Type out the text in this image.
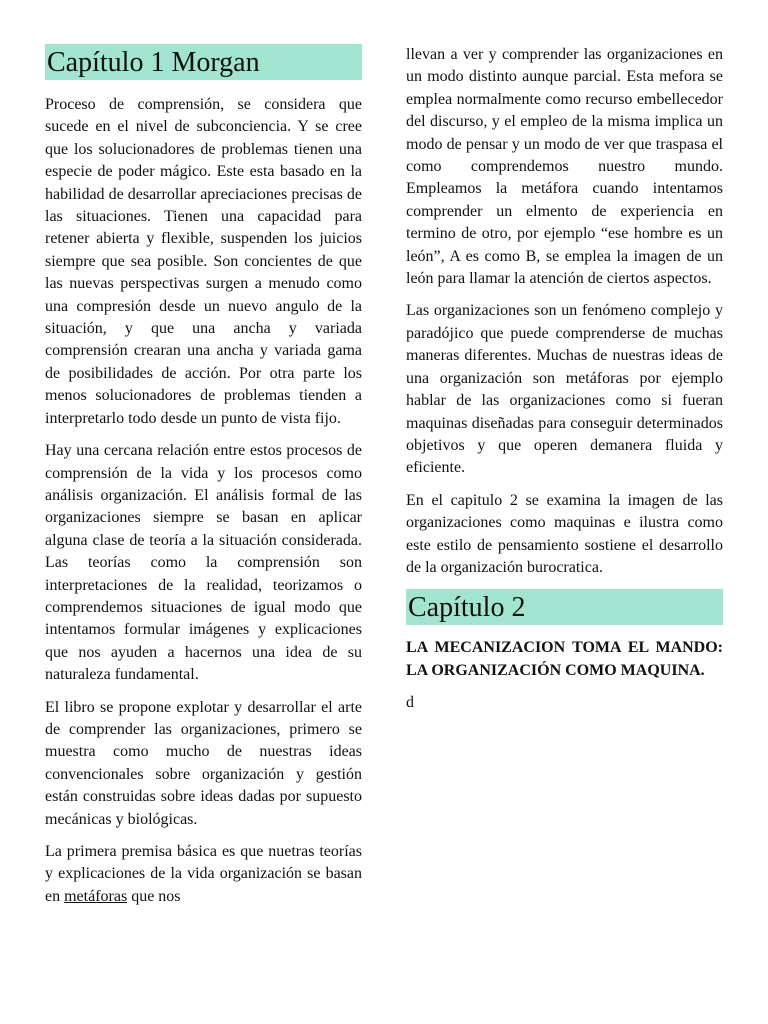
Capítulo 1 Morgan

Proceso de comprensión, se considera que sucede en el nivel de subconciencia. Y se cree que los solucionadores de problemas tienen una especie de poder mágico. Este esta basado en la habilidad de desarrollar apreciaciones precisas de las situaciones. Tienen una capacidad para retener abierta y flexible, suspenden los juicios siempre que sea posible. Son concientes de que las nuevas perspectivas surgen a menudo como una compresión desde un nuevo angulo de la situación, y que una ancha y variada comprensión crearan una ancha y variada gama de posibilidades de acción. Por otra parte los menos solucionadores de problemas tienden a interpretarlo todo desde un punto de vista fijo.

Hay una cercana relación entre estos procesos de comprensión de la vida y los procesos como análisis organización. El análisis formal de las organizaciones siempre se basan en aplicar alguna clase de teoría a la situación considerada. Las teorías como la comprensión son interpretaciones de la realidad, teorizamos o comprendemos situaciones de igual modo que intentamos formular imágenes y explicaciones que nos ayuden a hacernos una idea de su naturaleza fundamental.

El libro se propone explotar y desarrollar el arte de comprender las organizaciones, primero se muestra como mucho de nuestras ideas convencionales sobre organización y gestión están construidas sobre ideas dadas por supuesto mecánicas y biológicas.

La primera premisa básica es que nuetras teorías y explicaciones de la vida organización se basan en metáforas que nos

llevan a ver y comprender las organizaciones en un modo distinto aunque parcial. Esta mefora se emplea normalmente como recurso embellecedor del discurso, y el empleo de la misma implica un modo de pensar y un modo de ver que traspasa el como comprendemos nuestro mundo. Empleamos la metáfora cuando intentamos comprender un elmento de experiencia en termino de otro, por ejemplo “ese hombre es un león”, A es como B, se emplea la imagen de un león para llamar la atención de ciertos aspectos.

Las organizaciones son un fenómeno complejo y paradójico que puede comprenderse de muchas maneras diferentes. Muchas de nuestras ideas de una organización son metáforas por ejemplo hablar de las organizaciones como si fueran maquinas diseñadas para conseguir determinados objetivos y que operen demanera fluida y eficiente.

En el capitulo 2 se examina la imagen de las organizaciones como maquinas e ilustra como este estilo de pensamiento sostiene el desarrollo de la organización burocratica.

Capítulo 2

LA MECANIZACION TOMA EL MANDO: LA ORGANIZACIÓN COMO MAQUINA.

d
